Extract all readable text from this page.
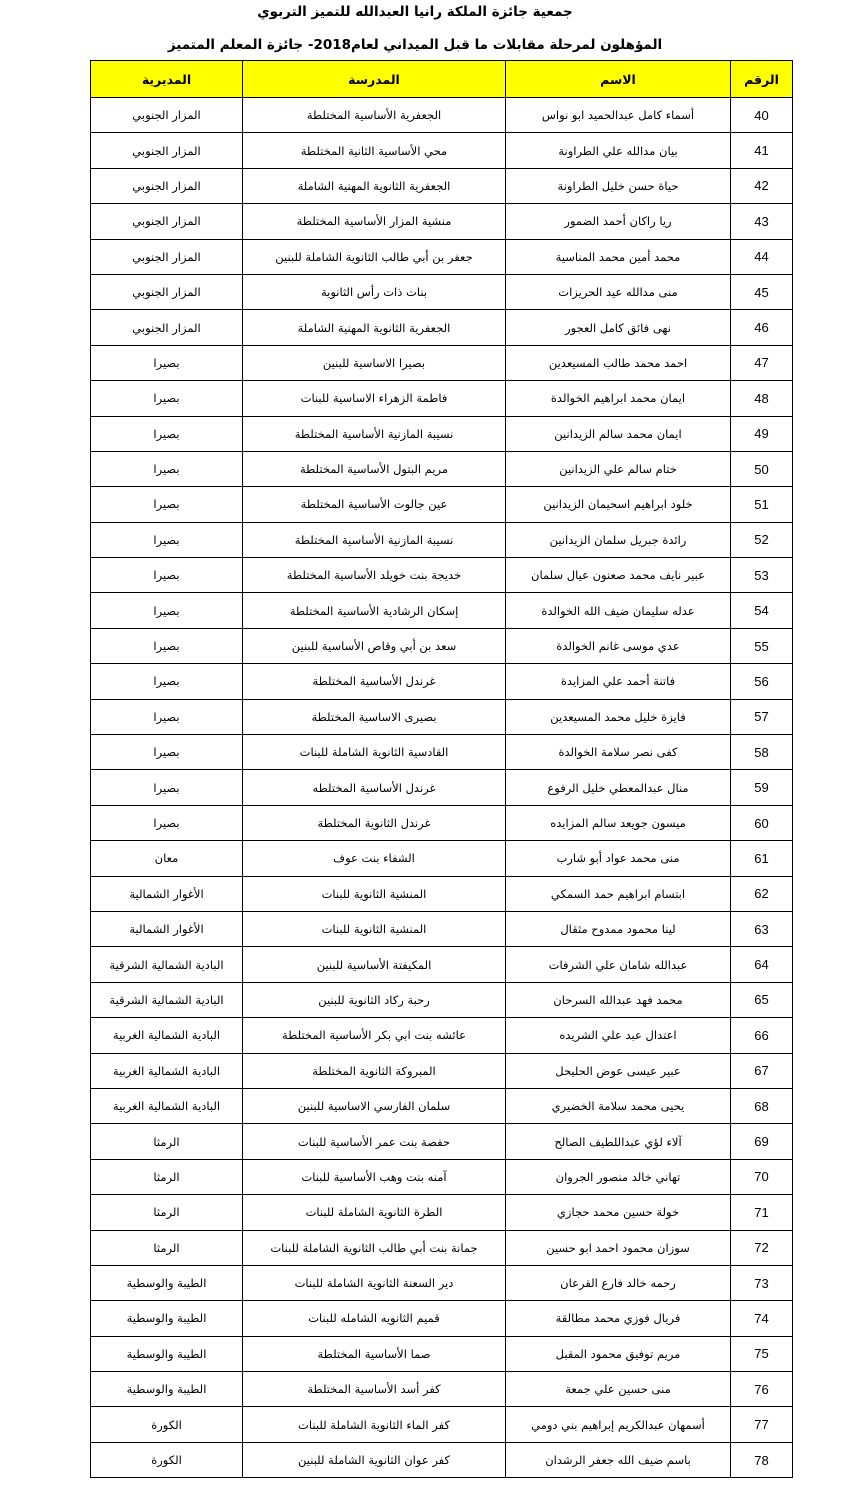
جمعية جائزة الملكة رانيا العبدالله للتميز التربوي
المؤهلون لمرحلة مقابلات ما قبل الميداني لعام2018- جائزة المعلم المتميز
الرقم	الاسم	المدرسة	المديرية
40	أسماء كامل عبدالحميد ابو نواس	الجعفرية الأساسية المختلطة	المزار الجنوبي
41	بيان مدالله علي الطراونة	محي الأساسية الثانية المختلطة	المزار الجنوبي
42	حياة حسن خليل الطراونة	الجعفرية الثانوية المهنية الشاملة	المزار الجنوبي
43	ريا راكان أحمد الضمور	منشية المزار الأساسية المختلطة	المزار الجنوبي
44	محمد أمين محمد المناسية	جعفر بن أبي طالب الثانوية الشاملة للبنين	المزار الجنوبي
45	منى مدالله عيد الحريزات	بنات ذات رأس الثانوية	المزار الجنوبي
46	نهى فائق كامل العجور	الجعفرية الثانوية المهنية الشاملة	المزار الجنوبي
47	احمد محمد طالب المسيعدين	بصيرا الاساسية للبنين	بصيرا
48	ايمان محمد ابراهيم الخوالدة	فاطمة الزهراء الاساسية للبنات	بصيرا
49	ايمان محمد سالم الزيدانين	نسيبة المازنية الأساسية المختلطة	بصيرا
50	ختام سالم علي الزيدانين	مريم البتول الأساسية المختلطة	بصيرا
51	خلود ابراهيم اسحيمان الزيدانين	عين جالوت الأساسية المختلطة	بصيرا
52	رائدة جبريل سلمان الزيدانين	نسيبة المازنية الأساسية المختلطة	بصيرا
53	عبير نايف محمد صعنون عيال سلمان	خديجة بنت خويلد الأساسية المختلطة	بصيرا
54	عدله سليمان ضيف الله الخوالدة	إسكان الرشادية الأساسية المختلطة	بصيرا
55	عدي موسى غانم الخوالدة	سعد بن أبي وقاص الأساسية للبنين	بصيرا
56	فاتنة أحمد علي المزايدة	غرندل الأساسية المختلطة	بصيرا
57	فايزة خليل محمد المسيعدين	بصيرى الاساسية المختلطة	بصيرا
58	كفى نصر سلامة الخوالدة	القادسية الثانوية الشاملة للبنات	بصيرا
59	منال عبدالمعطي خليل الرفوع	غرندل الأساسية المختلطه	بصيرا
60	ميسون جويعد سالم المزايده	غرندل الثانوية المختلطة	بصيرا
61	منى محمد عواد أبو شارب	الشفاء بنت عوف	معان
62	ابتسام ابراهيم حمد السمكي	المنشية الثانوية للبنات	الأغوار الشمالية
63	لينا محمود ممدوح مثقال	المنشية الثانوية للبنات	الأغوار الشمالية
64	عبدالله شامان علي الشرفات	المكيفتة الأساسية للبنين	البادية الشمالية الشرقية
65	محمد فهد عبدالله السرحان	رحبة ركاد الثانوية للبنين	البادية الشمالية الشرقية
66	اعتدال عبد علي الشريده	عائشه بنت ابي بكر الأساسية المختلطة	البادية الشمالية الغربية
67	عبير عيسى عوض الحليحل	المبروكة الثانوية المختلطة	البادية الشمالية الغربية
68	يحيى محمد سلامة الخضيري	سلمان الفارسي الاساسية للبنين	البادية الشمالية الغربية
69	آلاء لؤي عبداللطيف الصالح	حفصة بنت عمر الأساسية للبنات	الرمثا
70	تهاني خالد منصور الجروان	آمنه بنت وهب الأساسية للبنات	الرمثا
71	خولة حسين محمد حجازي	الطرة الثانوية الشاملة للبنات	الرمثا
72	سوزان محمود احمد ابو حسين	جمانة بنت أبي طالب الثانوية الشاملة للبنات	الرمثا
73	رحمه خالد فارع القرعان	دير السعنة الثانوية الشاملة للبنات	الطيبة والوسطية
74	فريال فوزي محمد مطالقة	قميم الثانويه الشامله للبنات	الطيبة والوسطية
75	مريم توفيق محمود المقبل	صما الأساسية المختلطة	الطيبة والوسطية
76	منى حسين علي جمعة	كفر أسد الأساسية المختلطة	الطيبة والوسطية
77	أسمهان عبدالكريم إبراهيم بني دومي	كفر الماء الثانوية الشاملة للبنات	الكورة
78	باسم ضيف الله جعفر الرشدان	كفر عوان الثانوية الشاملة للبنين	الكورة
